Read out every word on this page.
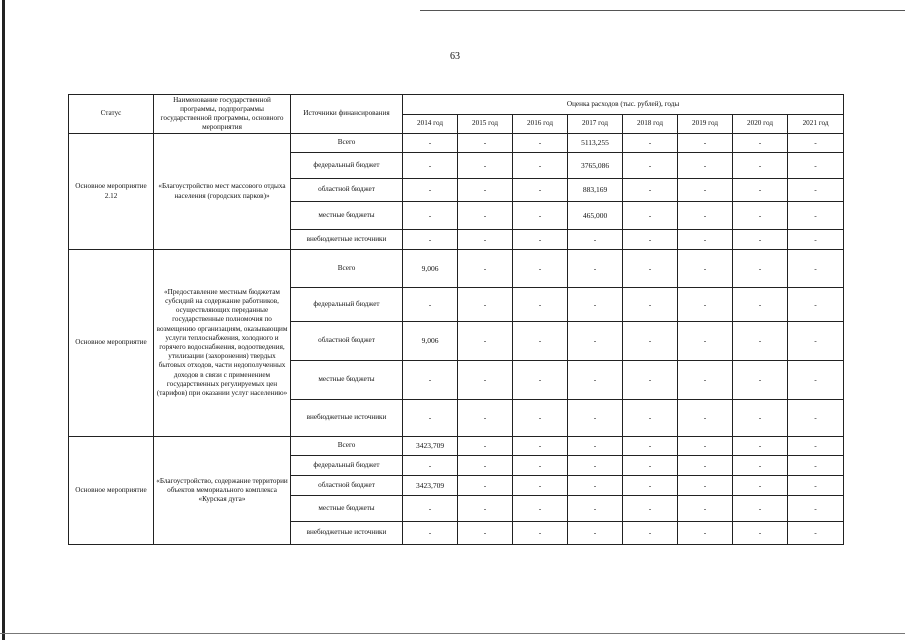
63
Статус	Наименование государственной программы, подпрограммы государственной программы, основного мероприятия	Источники финансирования	Оценка расходов (тыс. рублей), годы							
			2014 год	2015 год	2016 год	2017 год	2018 год	2019 год	2020 год	2021 год
Основное мероприятие 2.12	«Благоустройство мест массового отдыха населения (городских парков)»	Всего	-	-	-	5113,255	-	-	-	-
		федеральный бюджет	-	-	-	3765,086	-	-	-	-
		областной бюджет	-	-	-	883,169	-	-	-	-
		местные бюджеты	-	-	-	465,000	-	-	-	-
		внебюджетные источники	-	-	-	-	-	-	-	-
Основное мероприятие	«Предоставление местным бюджетам субсидий на содержание работников, осуществляющих переданные государственные полномочия по возмещению организациям, оказывающим услуги теплоснабжения, холодного и горячего водоснабжения, водоотведения, утилизации (захоронения) твердых бытовых отходов, части недополученных доходов в связи с применением государственных регулируемых цен (тарифов) при оказании услуг населению»	Всего	9,006	-	-	-	-	-	-	-
		федеральный бюджет	-	-	-	-	-	-	-	-
		областной бюджет	9,006	-	-	-	-	-	-	-
		местные бюджеты	-	-	-	-	-	-	-	-
		внебюджетные источники	-	-	-	-	-	-	-	-
Основное мероприятие	«Благоустройство, содержание территории объектов мемориального комплекса «Курская дуга»	Всего	3423,709	-	-	-	-	-	-	-
		федеральный бюджет	-	-	-	-	-	-	-	-
		областной бюджет	3423,709	-	-	-	-	-	-	-
		местные бюджеты	-	-	-	-	-	-	-	-
		внебюджетные источники	-	-	-	-	-	-	-	-
